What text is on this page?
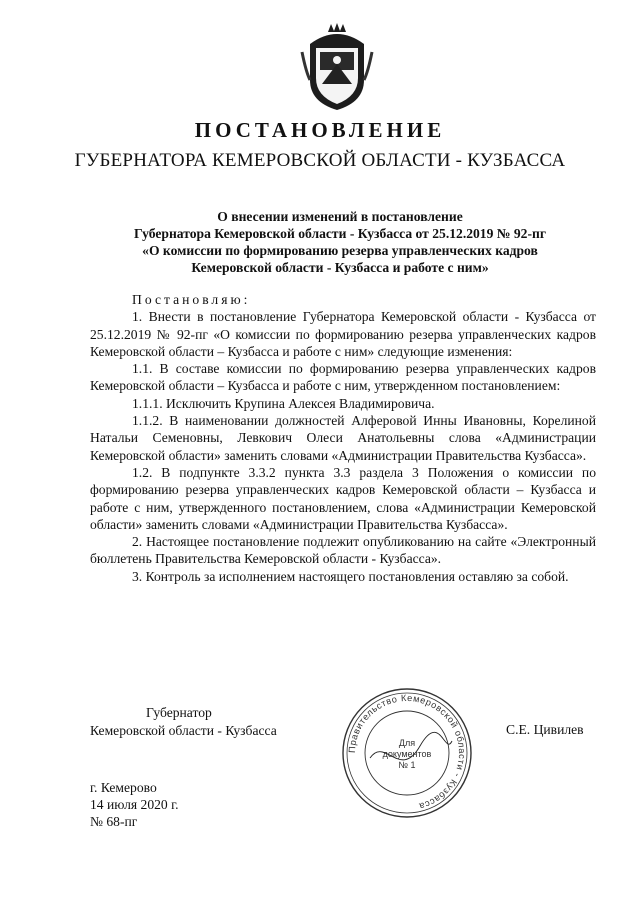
ПОСТАНОВЛЕНИЕ
ГУБЕРНАТОРА КЕМЕРОВСКОЙ ОБЛАСТИ - КУЗБАССА
О внесении изменений в постановление
Губернатора Кемеровской области - Кузбасса от 25.12.2019 № 92-пг
«О комиссии по формированию резерва управленческих кадров
Кемеровской области - Кузбасса и работе с ним»

Постановляю:

1. Внести в постановление Губернатора Кемеровской области - Кузбасса от 25.12.2019 № 92-пг «О комиссии по формированию резерва управленческих кадров Кемеровской области – Кузбасса и работе с ним» следующие изменения:

1.1. В составе комиссии по формированию резерва управленческих кадров Кемеровской области – Кузбасса и работе с ним, утвержденном постановлением:

1.1.1. Исключить Крупина Алексея Владимировича.

1.1.2. В наименовании должностей Алферовой Инны Ивановны, Корелиной Натальи Семеновны, Левкович Олеси Анатольевны слова «Администрации Кемеровской области» заменить словами «Администрации Правительства Кузбасса».

1.2. В подпункте 3.3.2 пункта 3.3 раздела 3 Положения о комиссии по формированию резерва управленческих кадров Кемеровской области – Кузбасса и работе с ним, утвержденного постановлением, слова «Администрации Кемеровской области» заменить словами «Администрации Правительства Кузбасса».

2. Настоящее постановление подлежит опубликованию на сайте «Электронный бюллетень Правительства Кемеровской области - Кузбасса».

3. Контроль за исполнением настоящего постановления оставляю за собой.

Губернатор
Кемеровской области - Кузбасса
Правительство Кемеровской области - Кузбасса
Для
документов
№ 1
С.Е. Цивилев
г. Кемерово
14 июля 2020 г.
№ 68-пг
